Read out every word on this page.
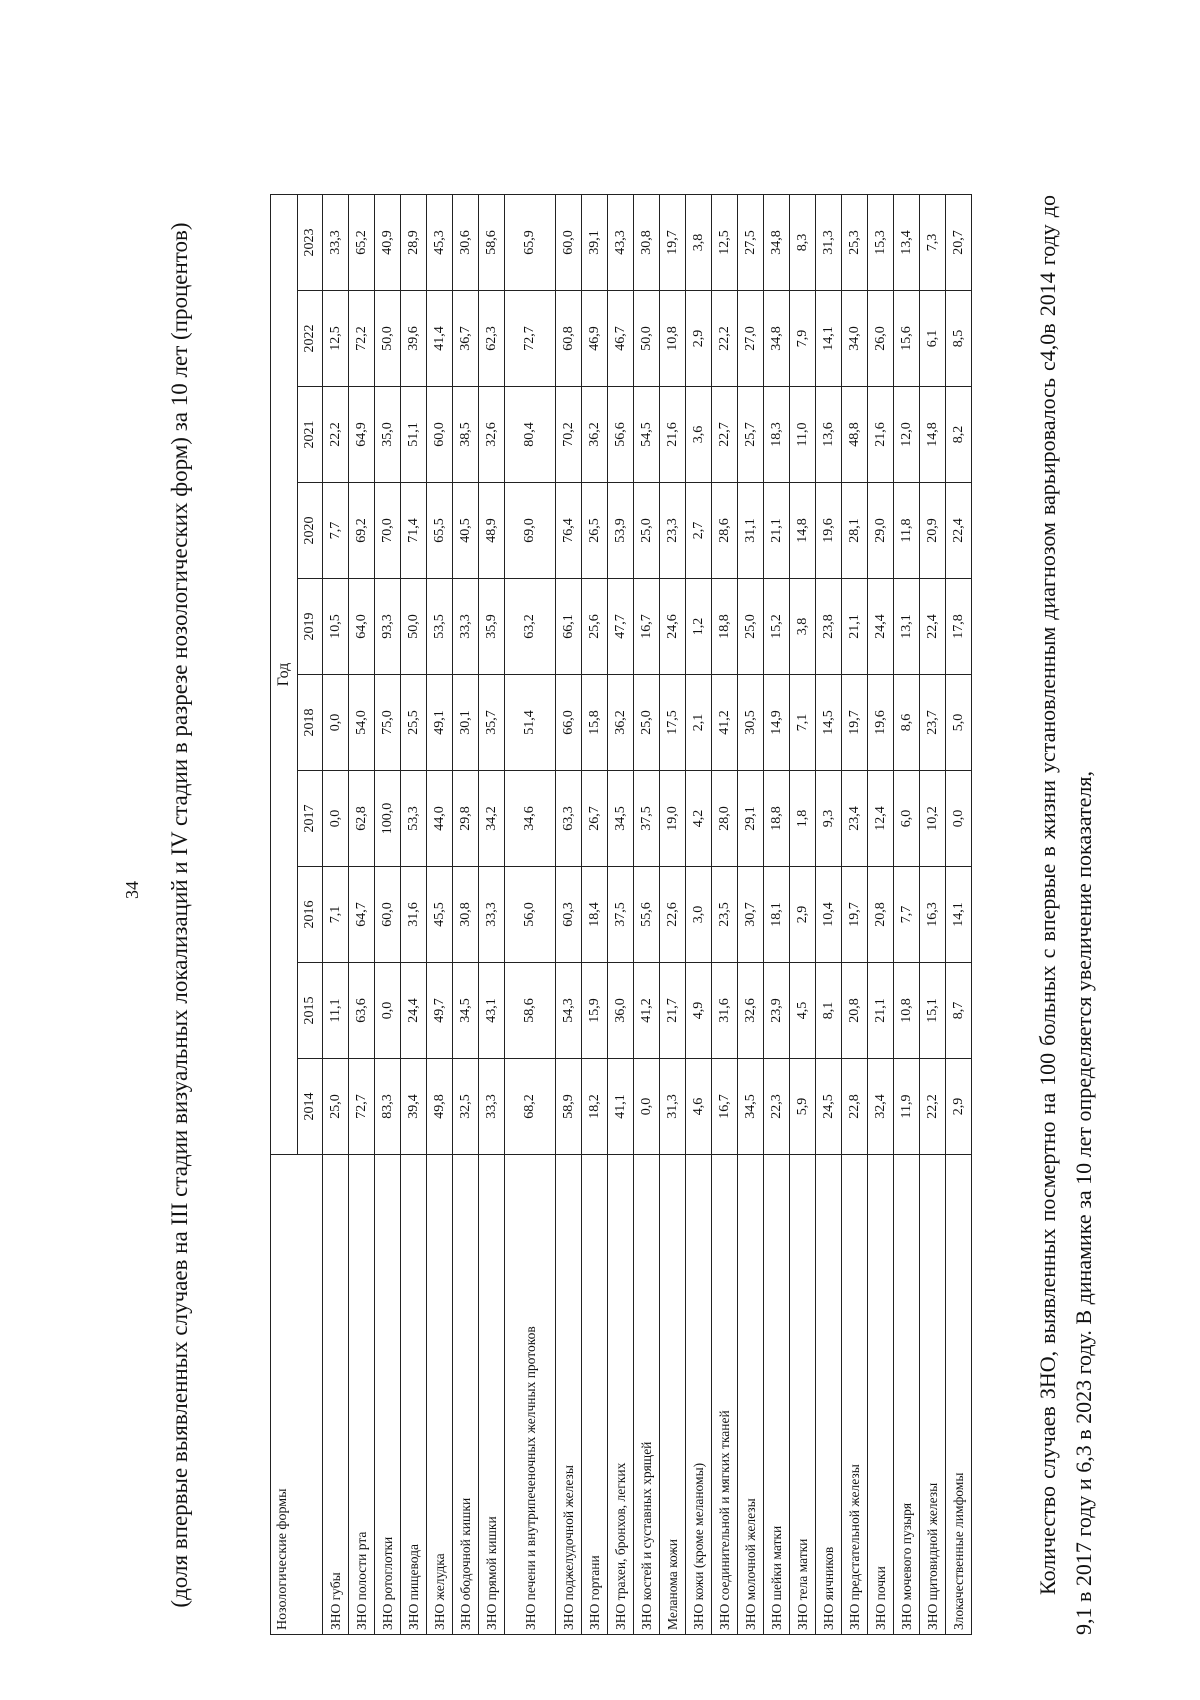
34 (доля впервые выявленных случаев на III стадии визуальных локализаций и IV стадии в разрезе нозологических форм) за 10 лет (процентов)	Нозологические формы	Год									
	2014	2015	2016	2017	2018	2019	2020	2021	2022	2023
ЗНО губы	25,0	11,1	7,1	0,0	0,0	10,5	7,7	22,2	12,5	33,3
ЗНО полости рта	72,7	63,6	64,7	62,8	54,0	64,0	69,2	64,9	72,2	65,2
ЗНО ротоглотки	83,3	0,0	60,0	100,0	75,0	93,3	70,0	35,0	50,0	40,9
ЗНО пищевода	39,4	24,4	31,6	53,3	25,5	50,0	71,4	51,1	39,6	28,9
ЗНО желудка	49,8	49,7	45,5	44,0	49,1	53,5	65,5	60,0	41,4	45,3
ЗНО ободочной кишки	32,5	34,5	30,8	29,8	30,1	33,3	40,5	38,5	36,7	30,6
ЗНО прямой кишки	33,3	43,1	33,3	34,2	35,7	35,9	48,9	32,6	62,3	58,6
ЗНО печени и внутрипеченочных желчных протоков	68,2	58,6	56,0	34,6	51,4	63,2	69,0	80,4	72,7	65,9
ЗНО поджелудочной железы	58,9	54,3	60,3	63,3	66,0	66,1	76,4	70,2	60,8	60,0
ЗНО гортани	18,2	15,9	18,4	26,7	15,8	25,6	26,5	36,2	46,9	39,1
ЗНО трахеи, бронхов, легких	41,1	36,0	37,5	34,5	36,2	47,7	53,9	56,6	46,7	43,3
ЗНО костей и суставных хрящей	0,0	41,2	55,6	37,5	25,0	16,7	25,0	54,5	50,0	30,8
Меланома кожи	31,3	21,7	22,6	19,0	17,5	24,6	23,3	21,6	10,8	19,7
ЗНО кожи (кроме меланомы)	4,6	4,9	3,0	4,2	2,1	1,2	2,7	3,6	2,9	3,8
ЗНО соединительной и мягких тканей	16,7	31,6	23,5	28,0	41,2	18,8	28,6	22,7	22,2	12,5
ЗНО молочной железы	34,5	32,6	30,7	29,1	30,5	25,0	31,1	25,7	27,0	27,5
ЗНО шейки матки	22,3	23,9	18,1	18,8	14,9	15,2	21,1	18,3	34,8	34,8
ЗНО тела матки	5,9	4,5	2,9	1,8	7,1	3,8	14,8	11,0	7,9	8,3
ЗНО яичников	24,5	8,1	10,4	9,3	14,5	23,8	19,6	13,6	14,1	31,3
ЗНО предстательной железы	22,8	20,8	19,7	23,4	19,7	21,1	28,1	48,8	34,0	25,3
ЗНО почки	32,4	21,1	20,8	12,4	19,6	24,4	29,0	21,6	26,0	15,3
ЗНО мочевого пузыря	11,9	10,8	7,7	6,0	8,6	13,1	11,8	12,0	15,6	13,4
ЗНО щитовидной железы	22,2	15,1	16,3	10,2	23,7	22,4	20,9	14,8	6,1	7,3
Злокачественные лимфомы	2,9	8,7	14,1	0,0	5,0	17,8	22,4	8,2	8,5	20,7	Количество случаев ЗНО, выявленных посмертно на 100 больных с впервые в жизни установленным диагнозом варьировалось с4,0в 2014 году до 9,1 в 2017 году и 6,3 в 2023 году. В динамике за 10 лет определяется увеличение показателя,
